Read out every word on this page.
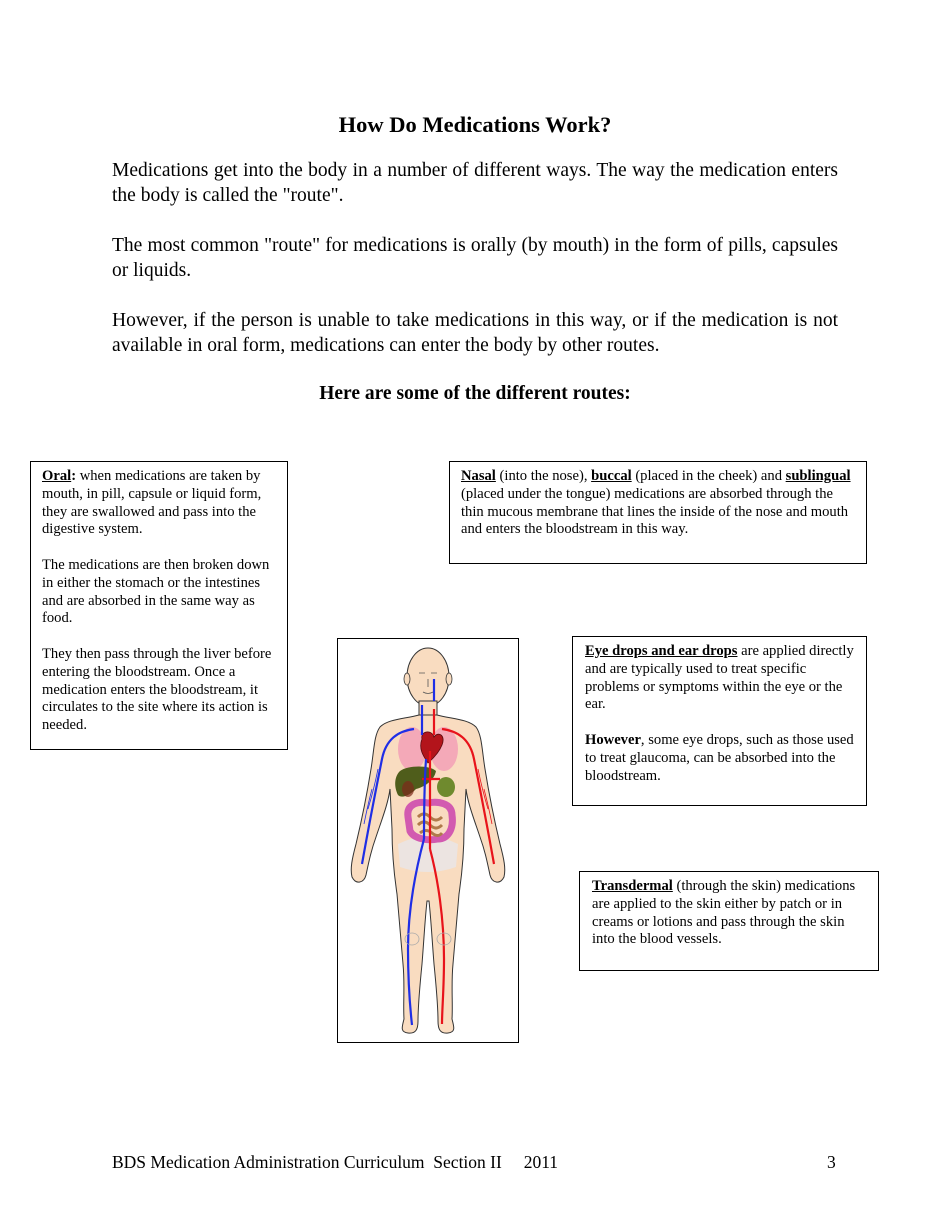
How Do Medications Work?

Medications get into the body in a number of different ways. The way the medication enters the body is called the "route".

The most common "route" for medications is orally (by mouth) in the form of pills, capsules or liquids.

However, if the person is unable to take medications in this way, or if the medication is not available in oral form, medications can enter the body by other routes.

Here are some of the different routes:

Oral: when medications are taken by mouth, in pill, capsule or liquid form, they are swallowed and pass into the digestive system.

The medications are then broken down in either the stomach or the intestines and are absorbed in the same way as food.

They then pass through the liver before entering the bloodstream. Once a medication enters the bloodstream, it circulates to the site where its action is needed.

Nasal (into the nose), buccal (placed in the cheek) and sublingual (placed under the tongue) medications are absorbed through the thin mucous membrane that lines the inside of the nose and mouth and enters the bloodstream in this way.

Eye drops and ear drops are applied directly and are typically used to treat specific problems or symptoms within the eye or the ear.

However, some eye drops, such as those used to treat glaucoma, can be absorbed into the bloodstream.

Transdermal (through the skin) medications are applied to the skin either by patch or in creams or lotions and pass through the skin into the blood vessels.

BDS Medication Administration Curriculum  Section II     2011	3
